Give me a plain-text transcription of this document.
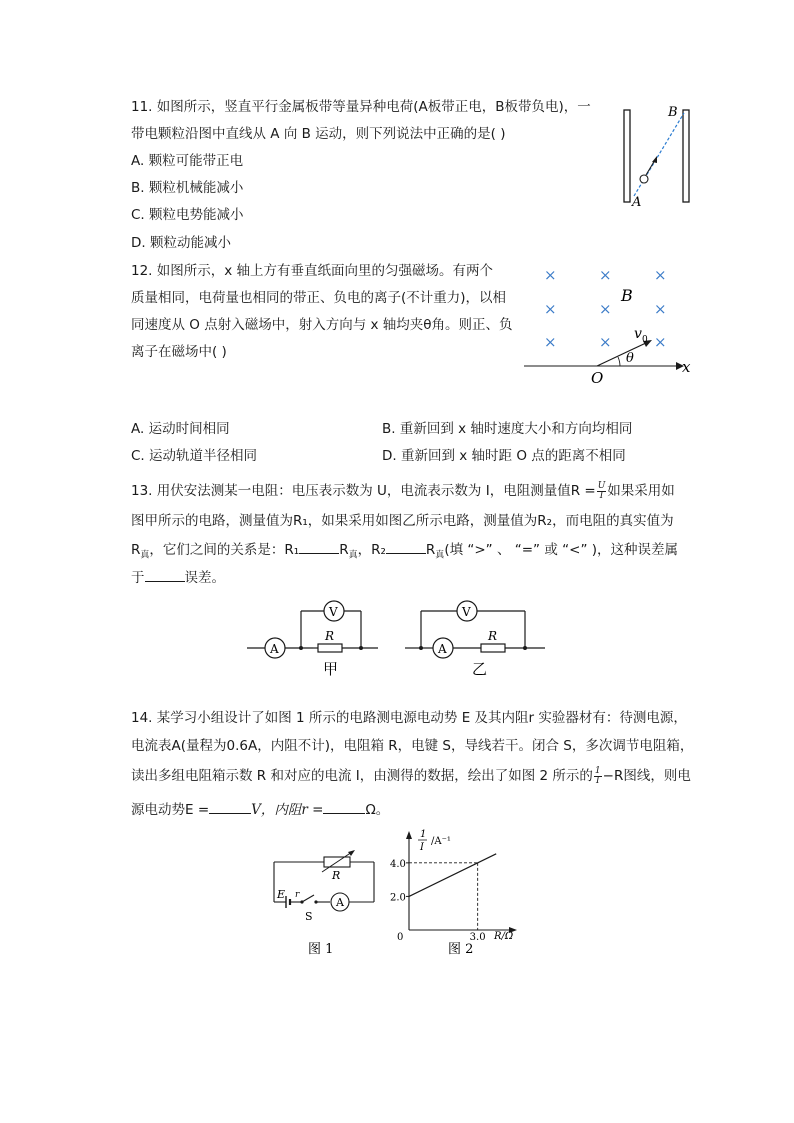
11. 如图所示，竖直平行金属板带等量异种电荷(A板带正电，B板带负电)，一
带电颗粒沿图中直线从 A 向 B 运动，则下列说法中正确的是( )
A. 颗粒可能带正电
B. 颗粒机械能减小
C. 颗粒电势能减小
D. 颗粒动能减小
A
B
12. 如图所示，x 轴上方有垂直纸面向里的匀强磁场。有两个
质量相同，电荷量也相同的带正、负电的离子(不计重力)，以相
同速度从 O 点射入磁场中，射入方向与 x 轴均夹θ角。则正、负
离子在磁场中( )
×	×	×
×	×	×
×	×	×
B
θ
v 0
O
x
A. 运动时间相同	B. 重新回到 x 轴时速度大小和方向均相同
C. 运动轨道半径相同	D. 重新回到 x 轴时距 O 点的距离不相同
13. 用伏安法测某一电阻：电压表示数为 U，电流表示数为 I，电阻测量值$R = \frac{U}{I}$ 如果采用如
图甲所示的电路，测量值为R₁，如果采用如图乙所示电路，测量值为R₂，而电阻的真实值为
$R_真$，它们之间的关系是：R₁	$R_真$，R₂	$R_真$(填 “>” 、 “=” 或 “<” )，这种误差属
于	误差。
A
V
R
甲
A
V
R
乙
14. 某学习小组设计了如图 1 所示的电路测电源电动势 E 及其内阻r 实验器材有：待测电源，
电流表A(量程为0.6A，内阻不计)，电阻箱 R，电键 S，导线若干。闭合 S，多次调节电阻箱，
读出多组电阻箱示数 R 和对应的电流 I，由测得的数据，绘出了如图 2 所示的 $\frac{1}{I} -R$图线，则电
源电动势E =	V，内阻r =	Ω。
R
E r
S
A
图 1
1
I
/A⁻¹
R/Ω
图 2
2.0
4.0
0	3.0
